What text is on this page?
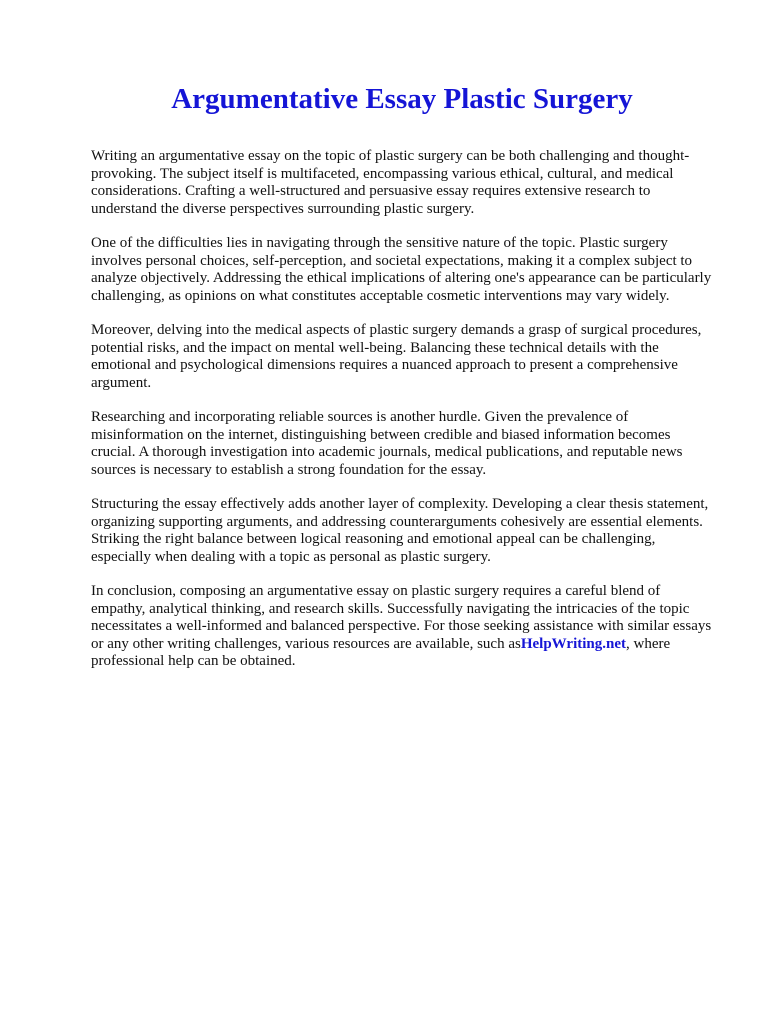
Argumentative Essay Plastic Surgery

Writing an argumentative essay on the topic of plastic surgery can be both challenging and thought-provoking. The subject itself is multifaceted, encompassing various ethical, cultural, and medical considerations. Crafting a well-structured and persuasive essay requires extensive research to understand the diverse perspectives surrounding plastic surgery.

One of the difficulties lies in navigating through the sensitive nature of the topic. Plastic surgery involves personal choices, self-perception, and societal expectations, making it a complex subject to analyze objectively. Addressing the ethical implications of altering one's appearance can be particularly challenging, as opinions on what constitutes acceptable cosmetic interventions may vary widely.

Moreover, delving into the medical aspects of plastic surgery demands a grasp of surgical procedures, potential risks, and the impact on mental well-being. Balancing these technical details with the emotional and psychological dimensions requires a nuanced approach to present a comprehensive argument.

Researching and incorporating reliable sources is another hurdle. Given the prevalence of misinformation on the internet, distinguishing between credible and biased information becomes crucial. A thorough investigation into academic journals, medical publications, and reputable news sources is necessary to establish a strong foundation for the essay.

Structuring the essay effectively adds another layer of complexity. Developing a clear thesis statement, organizing supporting arguments, and addressing counterarguments cohesively are essential elements. Striking the right balance between logical reasoning and emotional appeal can be challenging, especially when dealing with a topic as personal as plastic surgery.

In conclusion, composing an argumentative essay on plastic surgery requires a careful blend of empathy, analytical thinking, and research skills. Successfully navigating the intricacies of the topic necessitates a well-informed and balanced perspective. For those seeking assistance with similar essays or any other writing challenges, various resources are available, such asHelpWriting.net, where professional help can be obtained.
